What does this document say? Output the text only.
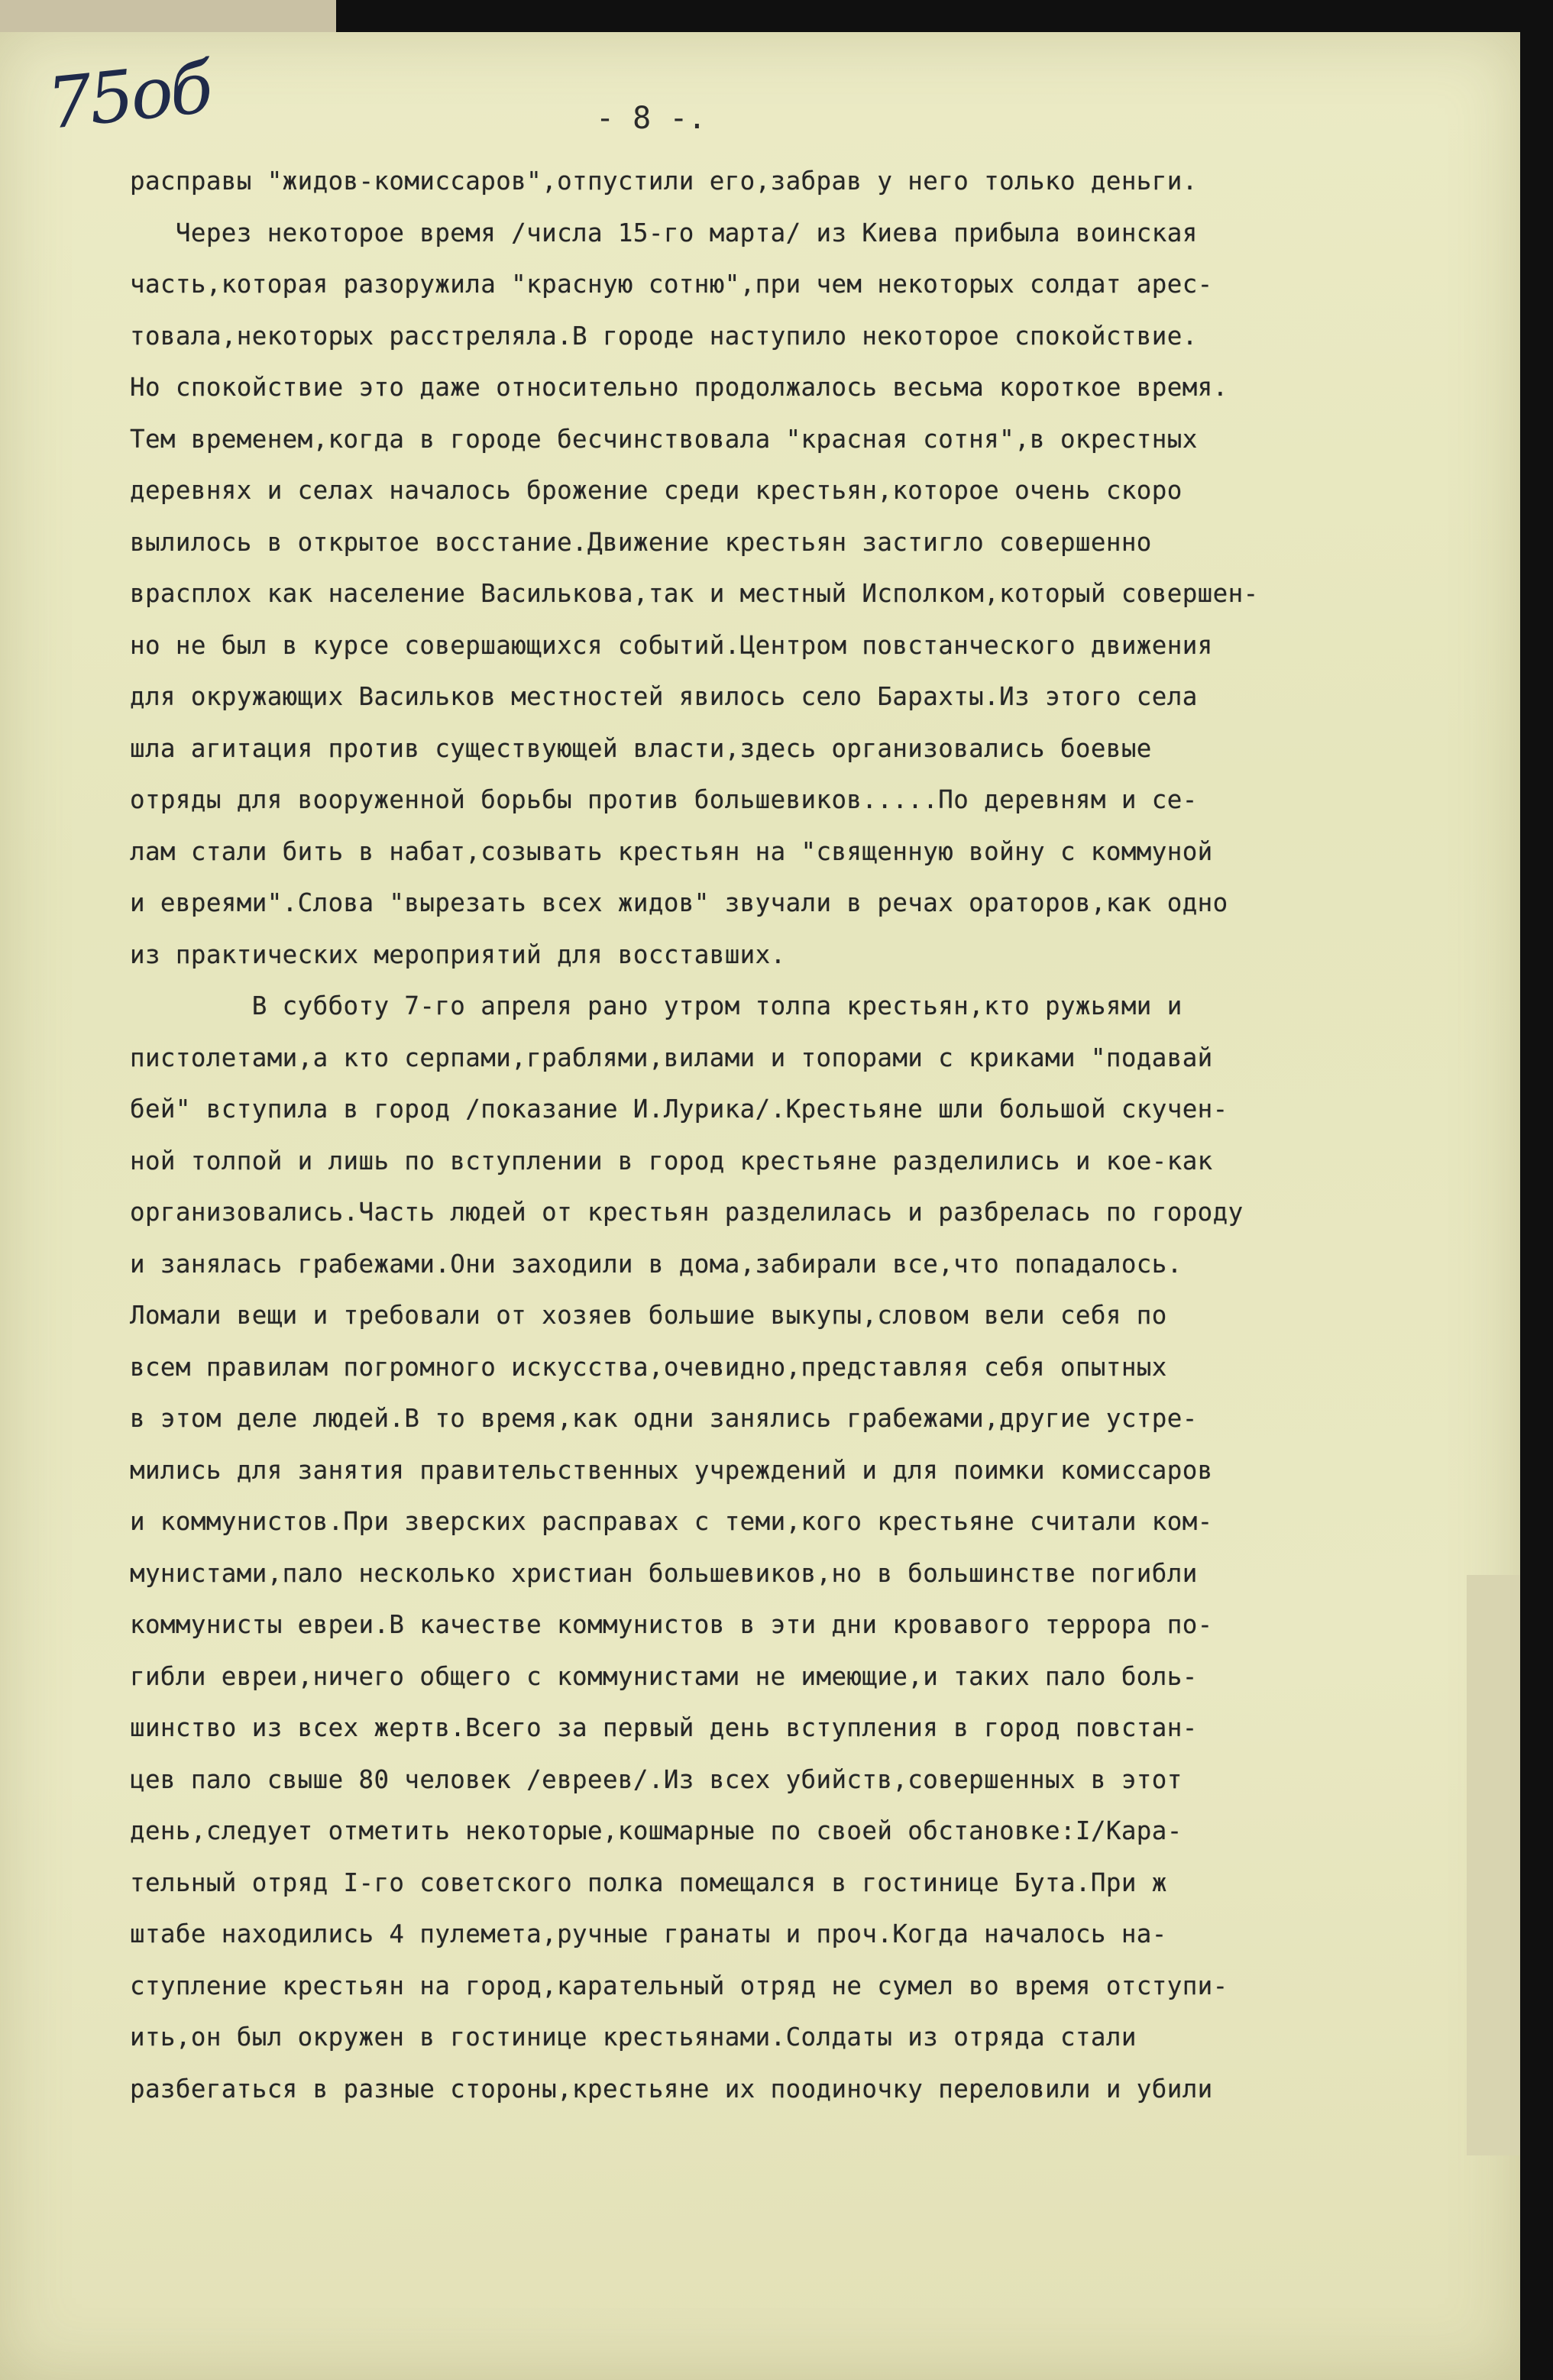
75об	- 8 -.
расправы "жидов-комиссаров",отпустили его,забрав у него только деньги.
Через некоторое время /числа 15-го марта/ из Киева прибыла воинская
часть,которая разоружила "красную сотню",при чем некоторых солдат арес-
товала,некоторых расстреляла.В городе наступило некоторое спокойствие.
Но спокойствие это даже относительно продолжалось весьма короткое время.
Тем временем,когда в городе бесчинствовала "красная сотня",в окрестных
деревнях и селах началось брожение среди крестьян,которое очень скоро
вылилось в открытое восстание.Движение крестьян застигло совершенно
врасплох как население Василькова,так и местный Исполком,который совершен-
но не был в курсе совершающихся событий.Центром повстанческого движения
для окружающих Васильков местностей явилось село Барахты.Из этого села
шла агитация против существующей власти,здесь организовались боевые
отряды для вооруженной борьбы против большевиков.....По деревням и се-
лам стали бить в набат,созывать крестьян на "священную войну с коммуной
и евреями".Слова "вырезать всех жидов" звучали в речах ораторов,как одно
из практических мероприятий для восставших.
В субботу 7-го апреля рано утром толпа крестьян,кто ружьями и
пистолетами,а кто серпами,граблями,вилами и топорами с криками "подавай
бей" вступила в город /показание И.Лурика/.Крестьяне шли большой скучен-
ной толпой и лишь по вступлении в город крестьяне разделились и кое-как
организовались.Часть людей от крестьян разделилась и разбрелась по городу
и занялась грабежами.Они заходили в дома,забирали все,что попадалось.
Ломали вещи и требовали от хозяев большие выкупы,словом вели себя по
всем правилам погромного искусства,очевидно,представляя себя опытных
в этом деле людей.В то время,как одни занялись грабежами,другие устре-
мились для занятия правительственных учреждений и для поимки комиссаров
и коммунистов.При зверских расправах с теми,кого крестьяне считали ком-
мунистами,пало несколько христиан большевиков,но в большинстве погибли
коммунисты евреи.В качестве коммунистов в эти дни кровавого террора по-
гибли евреи,ничего общего с коммунистами не имеющие,и таких пало боль-
шинство из всех жертв.Всего за первый день вступления в город повстан-
цев пало свыше 80 человек /евреев/.Из всех убийств,совершенных в этот
день,следует отметить некоторые,кошмарные по своей обстановке:I/Кара-
тельный отряд I-го советского полка помещался в гостинице Бута.При ж
штабе находились 4 пулемета,ручные гранаты и проч.Когда началось на-
ступление крестьян на город,карательный отряд не сумел во время отступи-
ить,он был окружен в гостинице крестьянами.Солдаты из отряда стали
разбегаться в разные стороны,крестьяне их поодиночку переловили и убили
